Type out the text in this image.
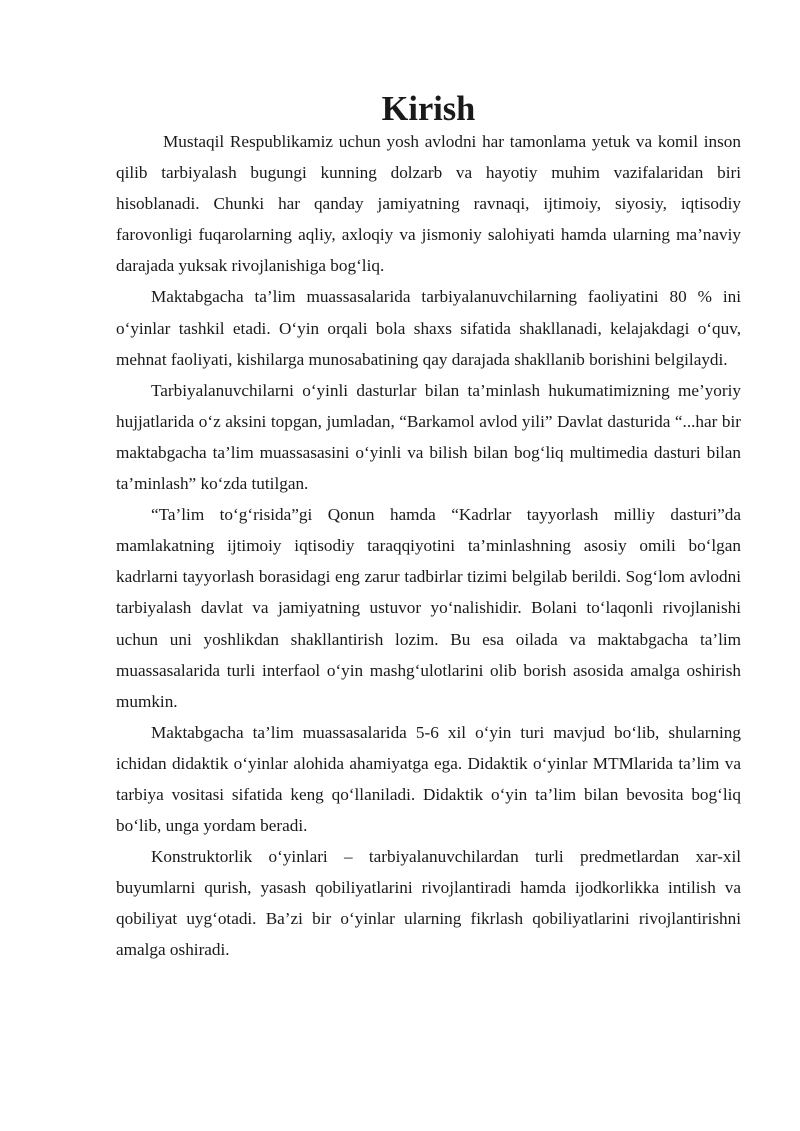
Kirish

Mustaqil Respublikamiz uchun yosh avlodni har tamonlama yetuk va komil inson qilib tarbiyalash bugungi kunning dolzarb va hayotiy muhim vazifalaridan biri hisoblanadi. Chunki har qanday jamiyatning ravnaqi, ijtimoiy, siyosiy, iqtisodiy farovonligi fuqarolarning aqliy, axloqiy va jismoniy salohiyati hamda ularning ma’naviy darajada yuksak rivojlanishiga bog‘liq.

Maktabgacha ta’lim muassasalarida tarbiyalanuvchilarning faoliyatini 80 % ini o‘yinlar tashkil etadi. O‘yin orqali bola shaxs sifatida shakllanadi, kelajakdagi o‘quv, mehnat faoliyati, kishilarga munosabatining qay darajada shakllanib borishini belgilaydi.

Tarbiyalanuvchilarni o‘yinli dasturlar bilan ta’minlash hukumatimizning me’yoriy hujjatlarida o‘z aksini topgan, jumladan, “Barkamol avlod yili” Davlat dasturida “...har bir maktabgacha ta’lim muassasasini o‘yinli va bilish bilan bog‘liq multimedia dasturi bilan ta’minlash” ko‘zda tutilgan.

“Ta’lim to‘g‘risida”gi Qonun hamda “Kadrlar tayyorlash milliy dasturi”da mamlakatning ijtimoiy iqtisodiy taraqqiyotini ta’minlashning asosiy omili bo‘lgan kadrlarni tayyorlash borasidagi eng zarur tadbirlar tizimi belgilab berildi. Sog‘lom avlodni tarbiyalash davlat va jamiyatning ustuvor yo‘nalishidir. Bolani to‘laqonli rivojlanishi uchun uni yoshlikdan shakllantirish lozim. Bu esa oilada va maktabgacha ta’lim muassasalarida turli interfaol o‘yin mashg‘ulotlarini olib borish asosida amalga oshirish mumkin.

Maktabgacha ta’lim muassasalarida 5-6 xil o‘yin turi mavjud bo‘lib, shularning ichidan didaktik o‘yinlar alohida ahamiyatga ega. Didaktik o‘yinlar MTMlarida ta’lim va tarbiya vositasi sifatida keng qo‘llaniladi. Didaktik o‘yin ta’lim bilan bevosita bog‘liq bo‘lib, unga yordam beradi.

Konstruktorlik o‘yinlari – tarbiyalanuvchilardan turli predmetlardan xar-xil buyumlarni qurish, yasash qobiliyatlarini rivojlantiradi hamda ijodkorlikka intilish va qobiliyat uyg‘otadi. Ba’zi bir o‘yinlar ularning fikrlash qobiliyatlarini rivojlantirishni amalga oshiradi.
